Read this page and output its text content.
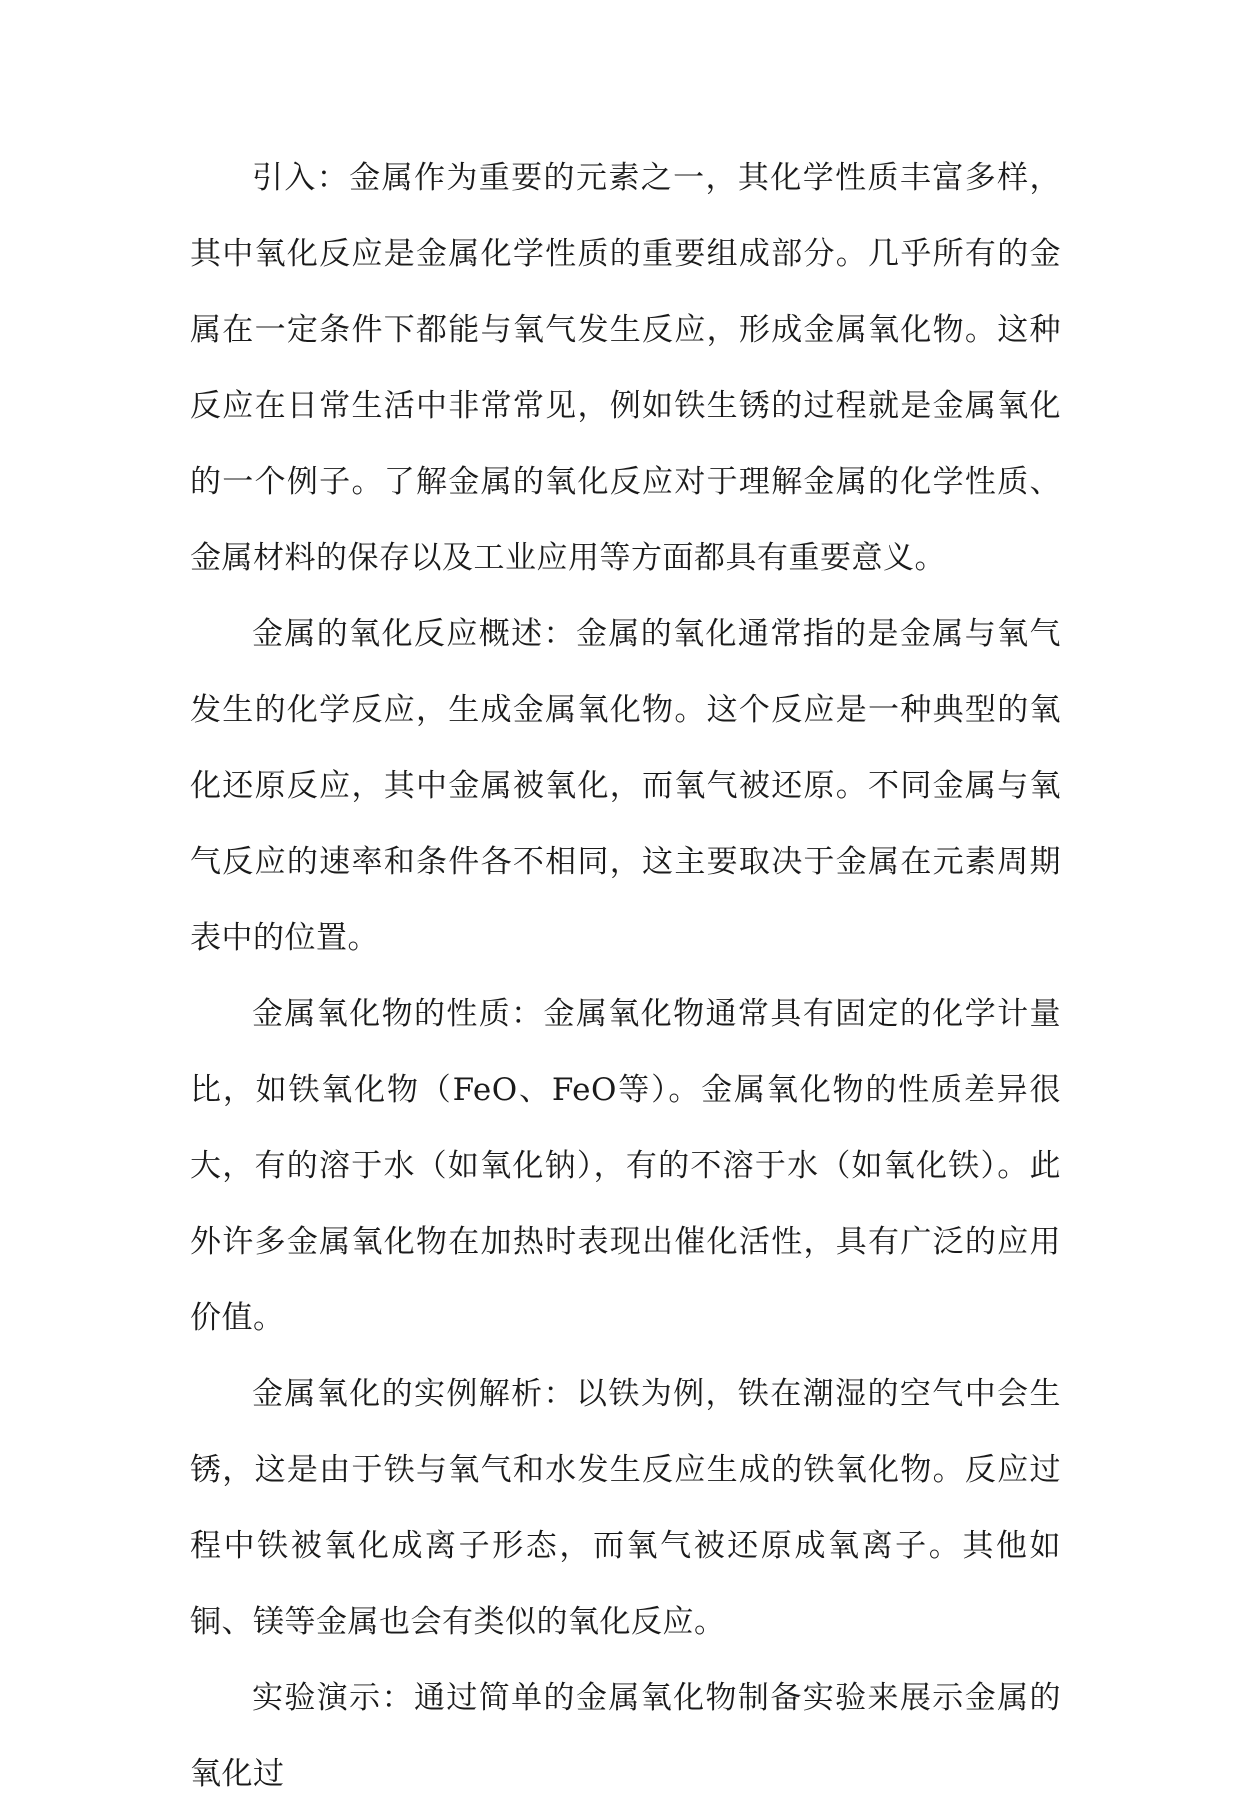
引入：金属作为重要的元素之一，其化学性质丰富多样，其中氧化反应是金属化学性质的重要组成部分。几乎所有的金属在一定条件下都能与氧气发生反应，形成金属氧化物。这种反应在日常生活中非常常见，例如铁生锈的过程就是金属氧化的一个例子。了解金属的氧化反应对于理解金属的化学性质、金属材料的保存以及工业应用等方面都具有重要意义。

金属的氧化反应概述：金属的氧化通常指的是金属与氧气发生的化学反应，生成金属氧化物。这个反应是一种典型的氧化还原反应，其中金属被氧化，而氧气被还原。不同金属与氧气反应的速率和条件各不相同，这主要取决于金属在元素周期表中的位置。

金属氧化物的性质：金属氧化物通常具有固定的化学计量比，如铁氧化物（FeO、FeO等）。金属氧化物的性质差异很大，有的溶于水（如氧化钠），有的不溶于水（如氧化铁）。此外许多金属氧化物在加热时表现出催化活性，具有广泛的应用价值。

金属氧化的实例解析：以铁为例，铁在潮湿的空气中会生锈，这是由于铁与氧气和水发生反应生成的铁氧化物。反应过程中铁被氧化成离子形态，而氧气被还原成氧离子。其他如铜、镁等金属也会有类似的氧化反应。

实验演示：通过简单的金属氧化物制备实验来展示金属的氧化过
